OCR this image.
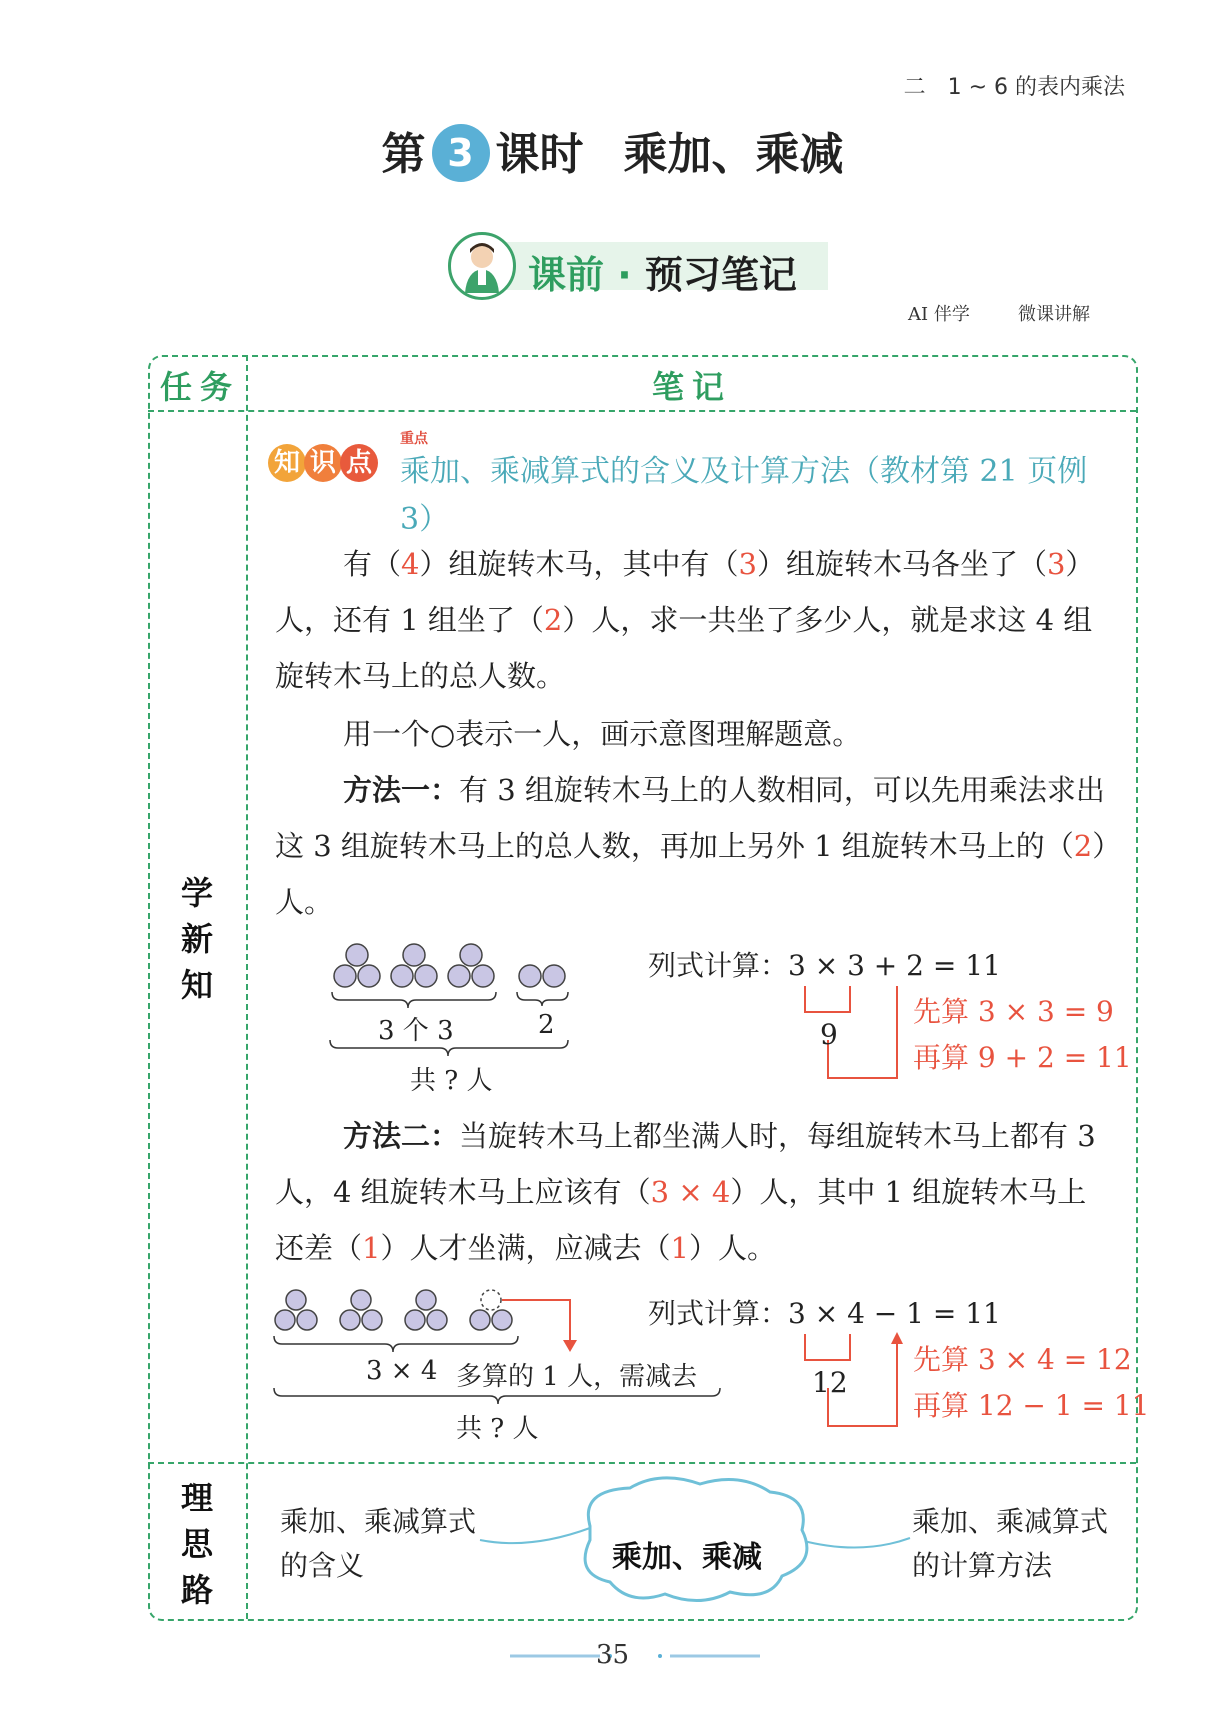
二　1 ~ 6 的表内乘法
第 3 课时 乘加、乘减
课前 · 预习笔记
AI 伴学	微课讲解
任务	笔记
学
新
知
理
思
路
知 识 点
重点
乘加、乘减算式的含义及计算方法（教材第 21 页例 3）
有（4）组旋转木马，其中有（3）组旋转木马各坐了（3）人，还有 1 组坐了（2）人，求一共坐了多少人，就是求这 4 组旋转木马上的总人数。
用一个○表示一人，画示意图理解题意。
方法一：有 3 组旋转木马上的人数相同，可以先用乘法求出这 3 组旋转木马上的总人数，再加上另外 1 组旋转木马上的（2）人。
3 个 3	2
共 ? 人
列式计算：3 × 3 + 2 = 11
9
先算 3 × 3 = 9
再算 9 + 2 = 11
方法二：当旋转木马上都坐满人时，每组旋转木马上都有 3 人，4 组旋转木马上应该有（3 × 4）人，其中 1 组旋转木马上还差（1）人才坐满，应减去（1）人。
3 × 4 多算的 1 人，需减去
共 ? 人
列式计算：3 × 4 − 1 = 11
12
先算 3 × 4 = 12
再算 12 − 1 = 11
乘加、乘减算式的含义	乘加、乘减
乘加、乘减算式的计算方法
35
